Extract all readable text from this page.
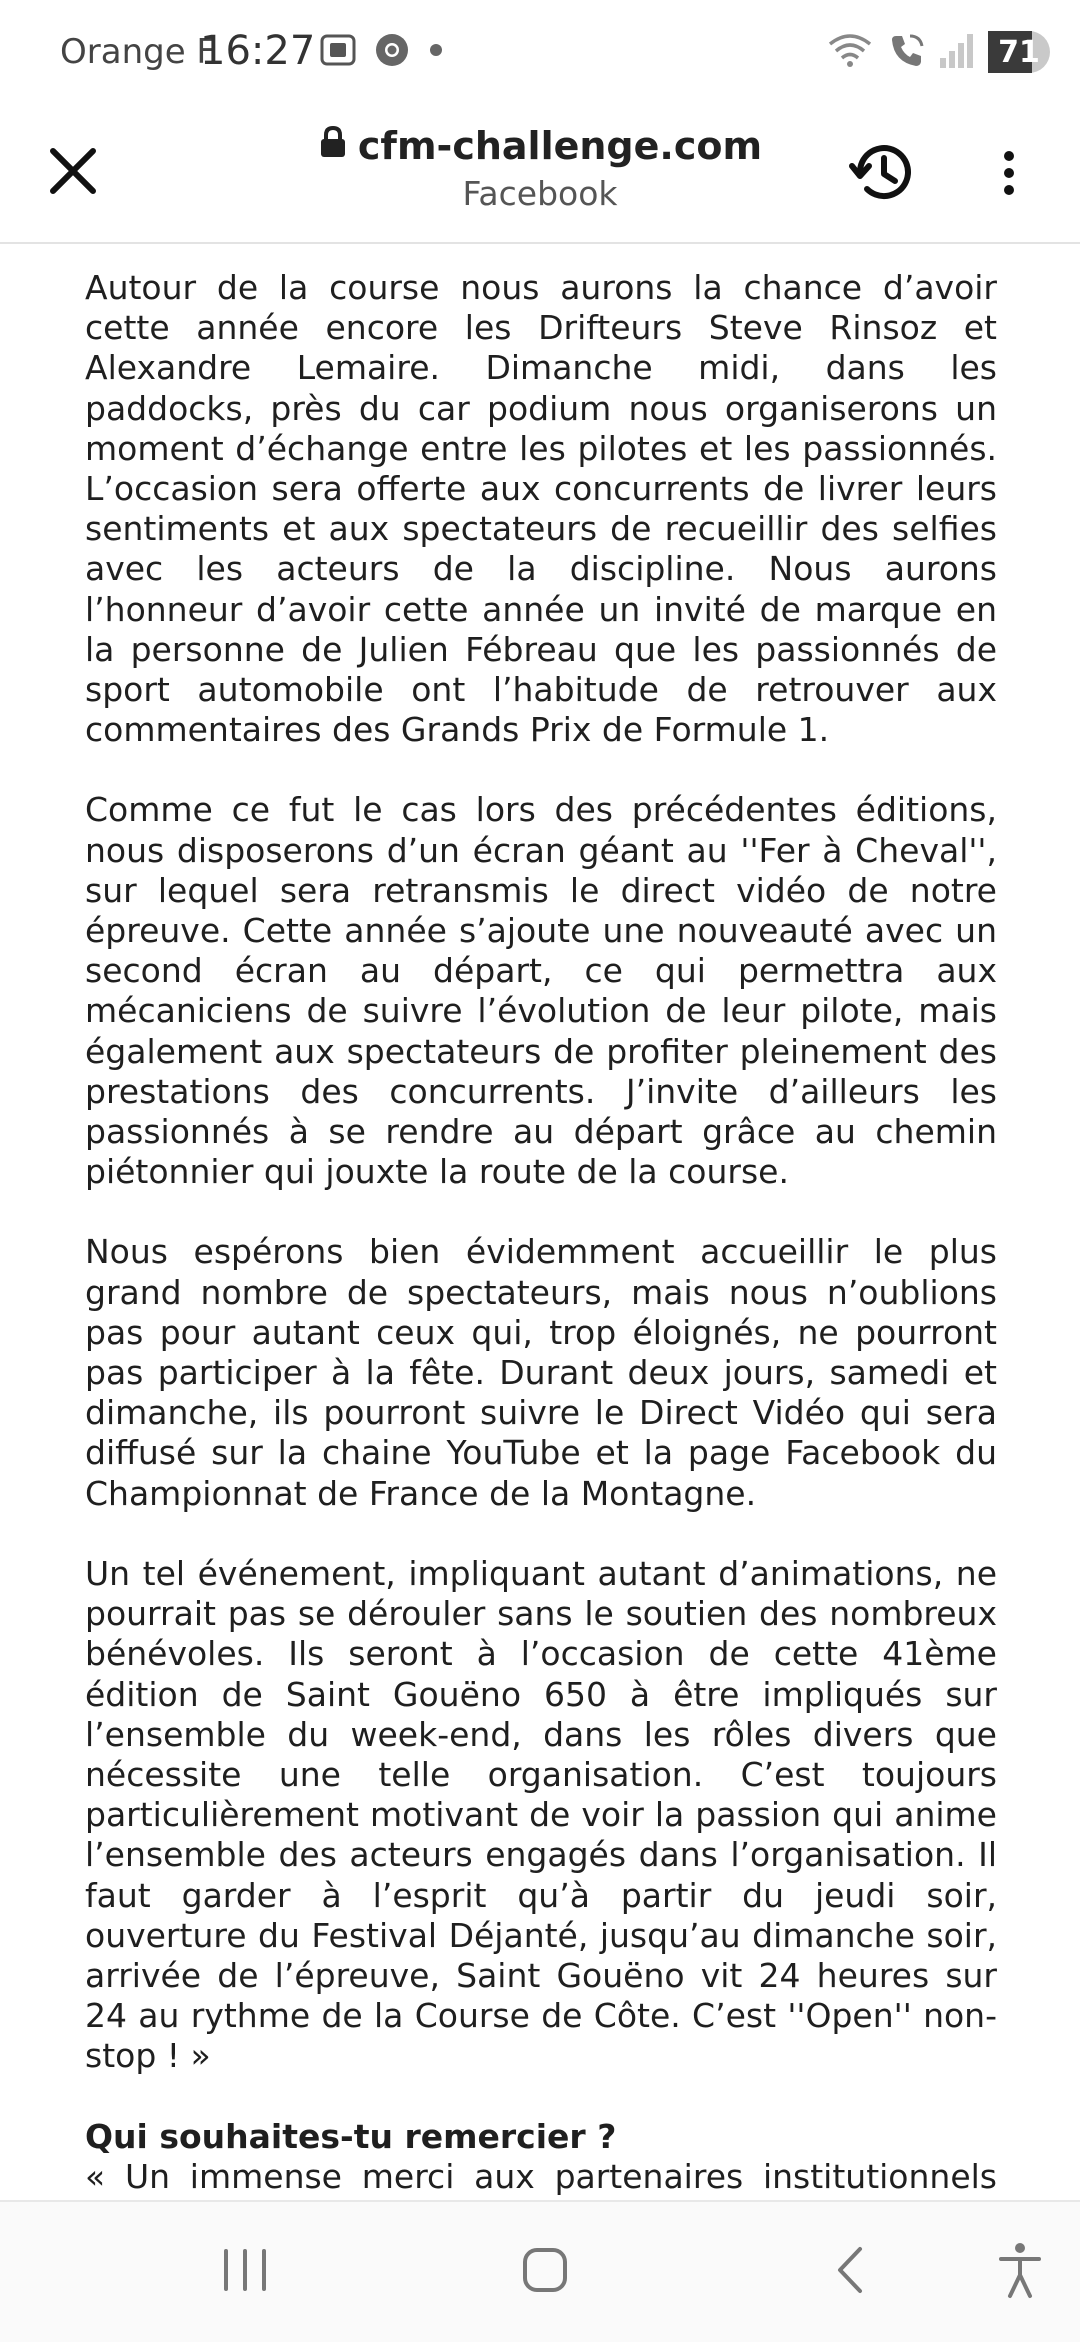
Orange F
16:27	71
cfm-challenge.com
Facebook

Autour de la course nous aurons la chance d’avoir cette année encore les Drifteurs Steve Rinsoz et Alexandre Lemaire. Dimanche midi, dans les paddocks, près du car podium nous organiserons un moment d’échange entre les pilotes et les passionnés. L’occasion sera offerte aux concurrents de livrer leurs sentiments et aux spectateurs de recueillir des selfies avec les acteurs de la discipline. Nous aurons l’honneur d’avoir cette année un invité de marque en la personne de Julien Fébreau que les passionnés de sport automobile ont l’habitude de retrouver aux commentaires des Grands Prix de Formule 1.

Comme ce fut le cas lors des précédentes éditions, nous disposerons d’un écran géant au ''Fer à Cheval'', sur lequel sera retransmis le direct vidéo de notre épreuve. Cette année s’ajoute une nouveauté avec un second écran au départ, ce qui permettra aux mécaniciens de suivre l’évolution de leur pilote, mais également aux spectateurs de profiter pleinement des prestations des concurrents. J’invite d’ailleurs les passionnés à se rendre au départ grâce au chemin piétonnier qui jouxte la route de la course.

Nous espérons bien évidemment accueillir le plus grand nombre de spectateurs, mais nous n’oublions pas pour autant ceux qui, trop éloignés, ne pourront pas participer à la fête. Durant deux jours, samedi et dimanche, ils pourront suivre le Direct Vidéo qui sera diffusé sur la chaine YouTube et la page Facebook du Championnat de France de la Montagne.

Un tel événement, impliquant autant d’animations, ne pourrait pas se dérouler sans le soutien des nombreux bénévoles. Ils seront à l’occasion de cette 41ème édition de Saint Gouëno 650 à être impliqués sur l’ensemble du week-end, dans les rôles divers que nécessite une telle organisation. C’est toujours particulièrement motivant de voir la passion qui anime l’ensemble des acteurs engagés dans l’organisation. Il faut garder à l’esprit qu’à partir du jeudi soir, ouverture du Festival Déjanté, jusqu’au dimanche soir, arrivée de l’épreuve, Saint Gouëno vit 24 heures sur 24 au rythme de la Course de Côte. C’est ''Open'' non-stop ! »

Qui souhaites-tu remercier ?
« Un immense merci aux partenaires institutionnels
